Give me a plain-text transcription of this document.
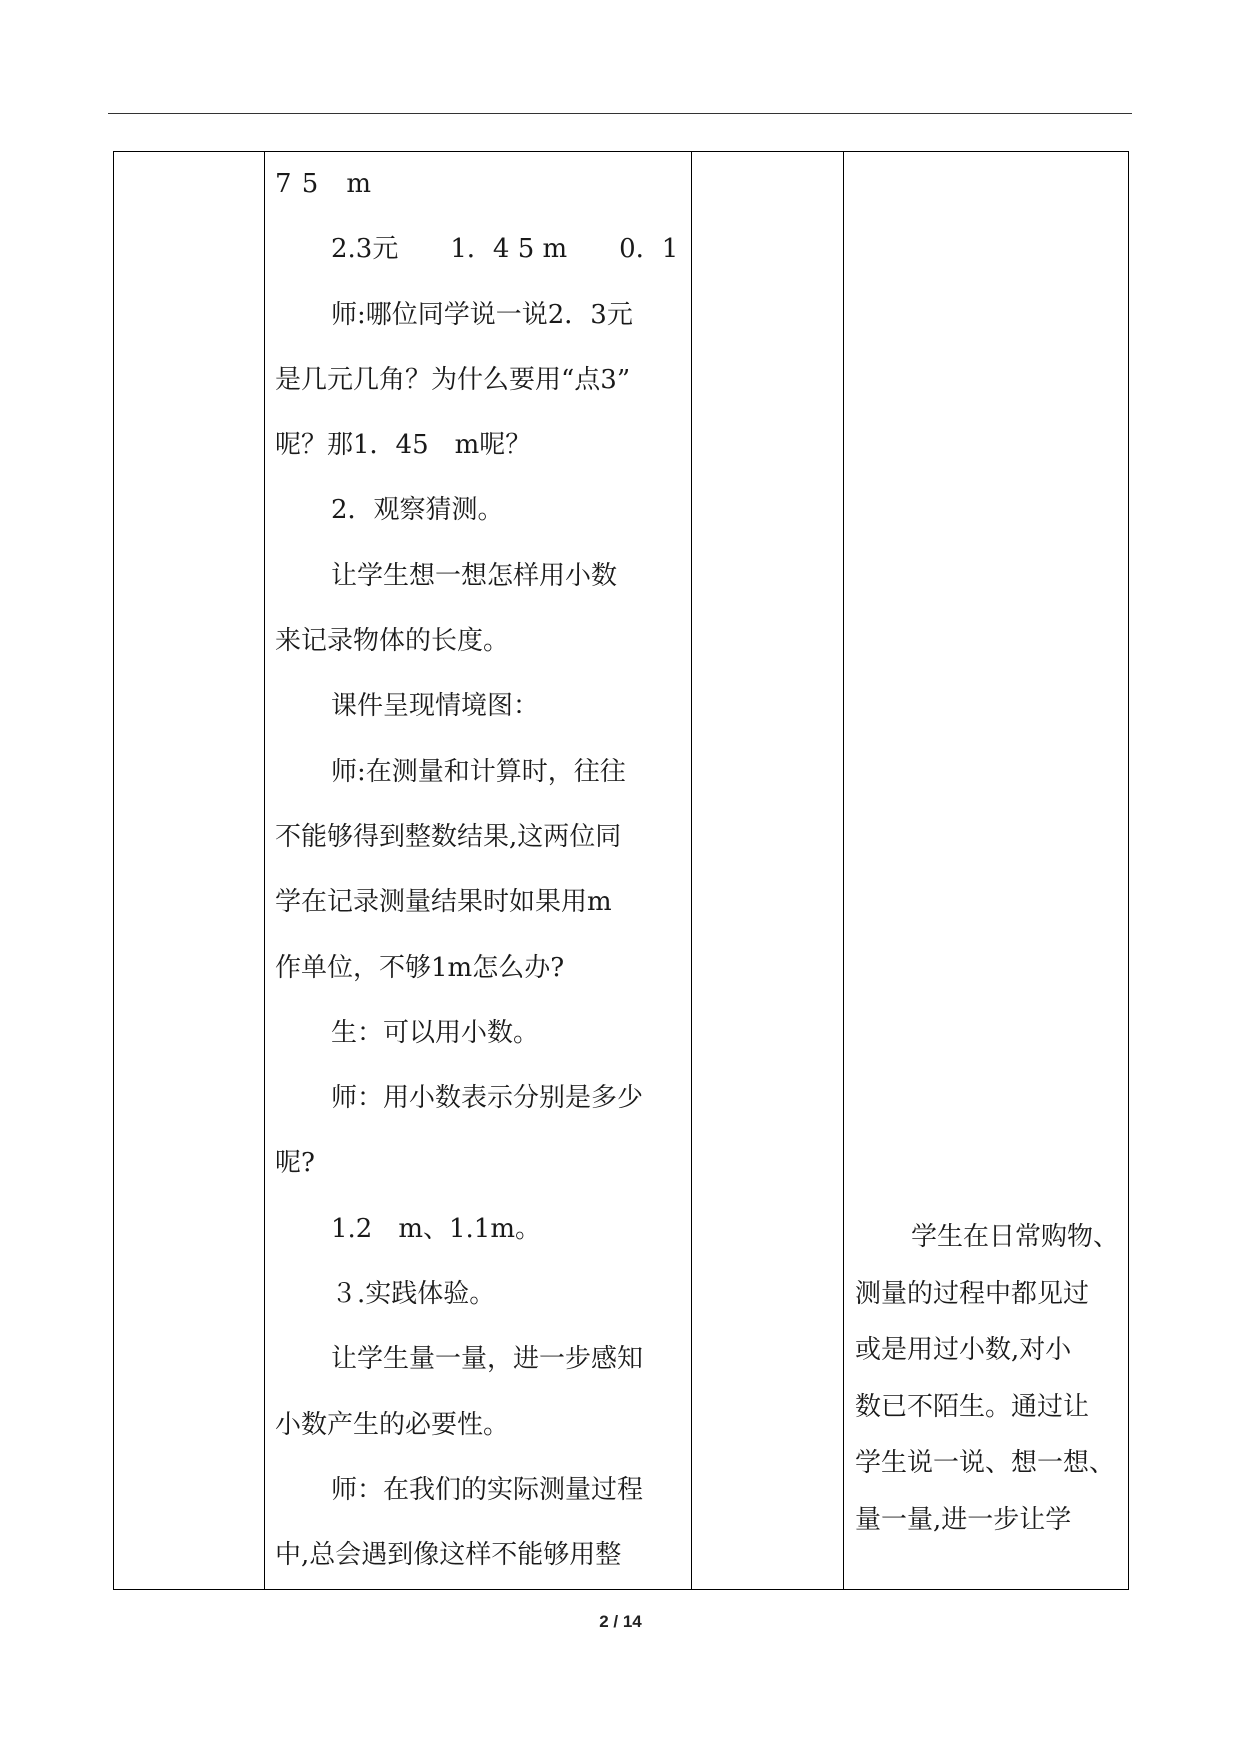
7 5　m
2.3元　　1．4 5 m　　0．1
师:哪位同学说一说2．3元
是几元几角？为什么要用“点3”
呢？那1．45　m呢？
2．观察猜测。
让学生想一想怎样用小数
来记录物体的长度。
课件呈现情境图：
师:在测量和计算时，往往
不能够得到整数结果,这两位同
学在记录测量结果时如果用m
作单位，不够1m怎么办?
生：可以用小数。
师：用小数表示分别是多少
呢?
1.2　m、1.1m。
３.实践体验。
让学生量一量，进一步感知
小数产生的必要性。
师：在我们的实际测量过程
中,总会遇到像这样不能够用整

学生在日常购物、
测量的过程中都见过
或是用过小数,对小
数已不陌生。通过让
学生说一说、想一想、
量一量,进一步让学
2 / 14
